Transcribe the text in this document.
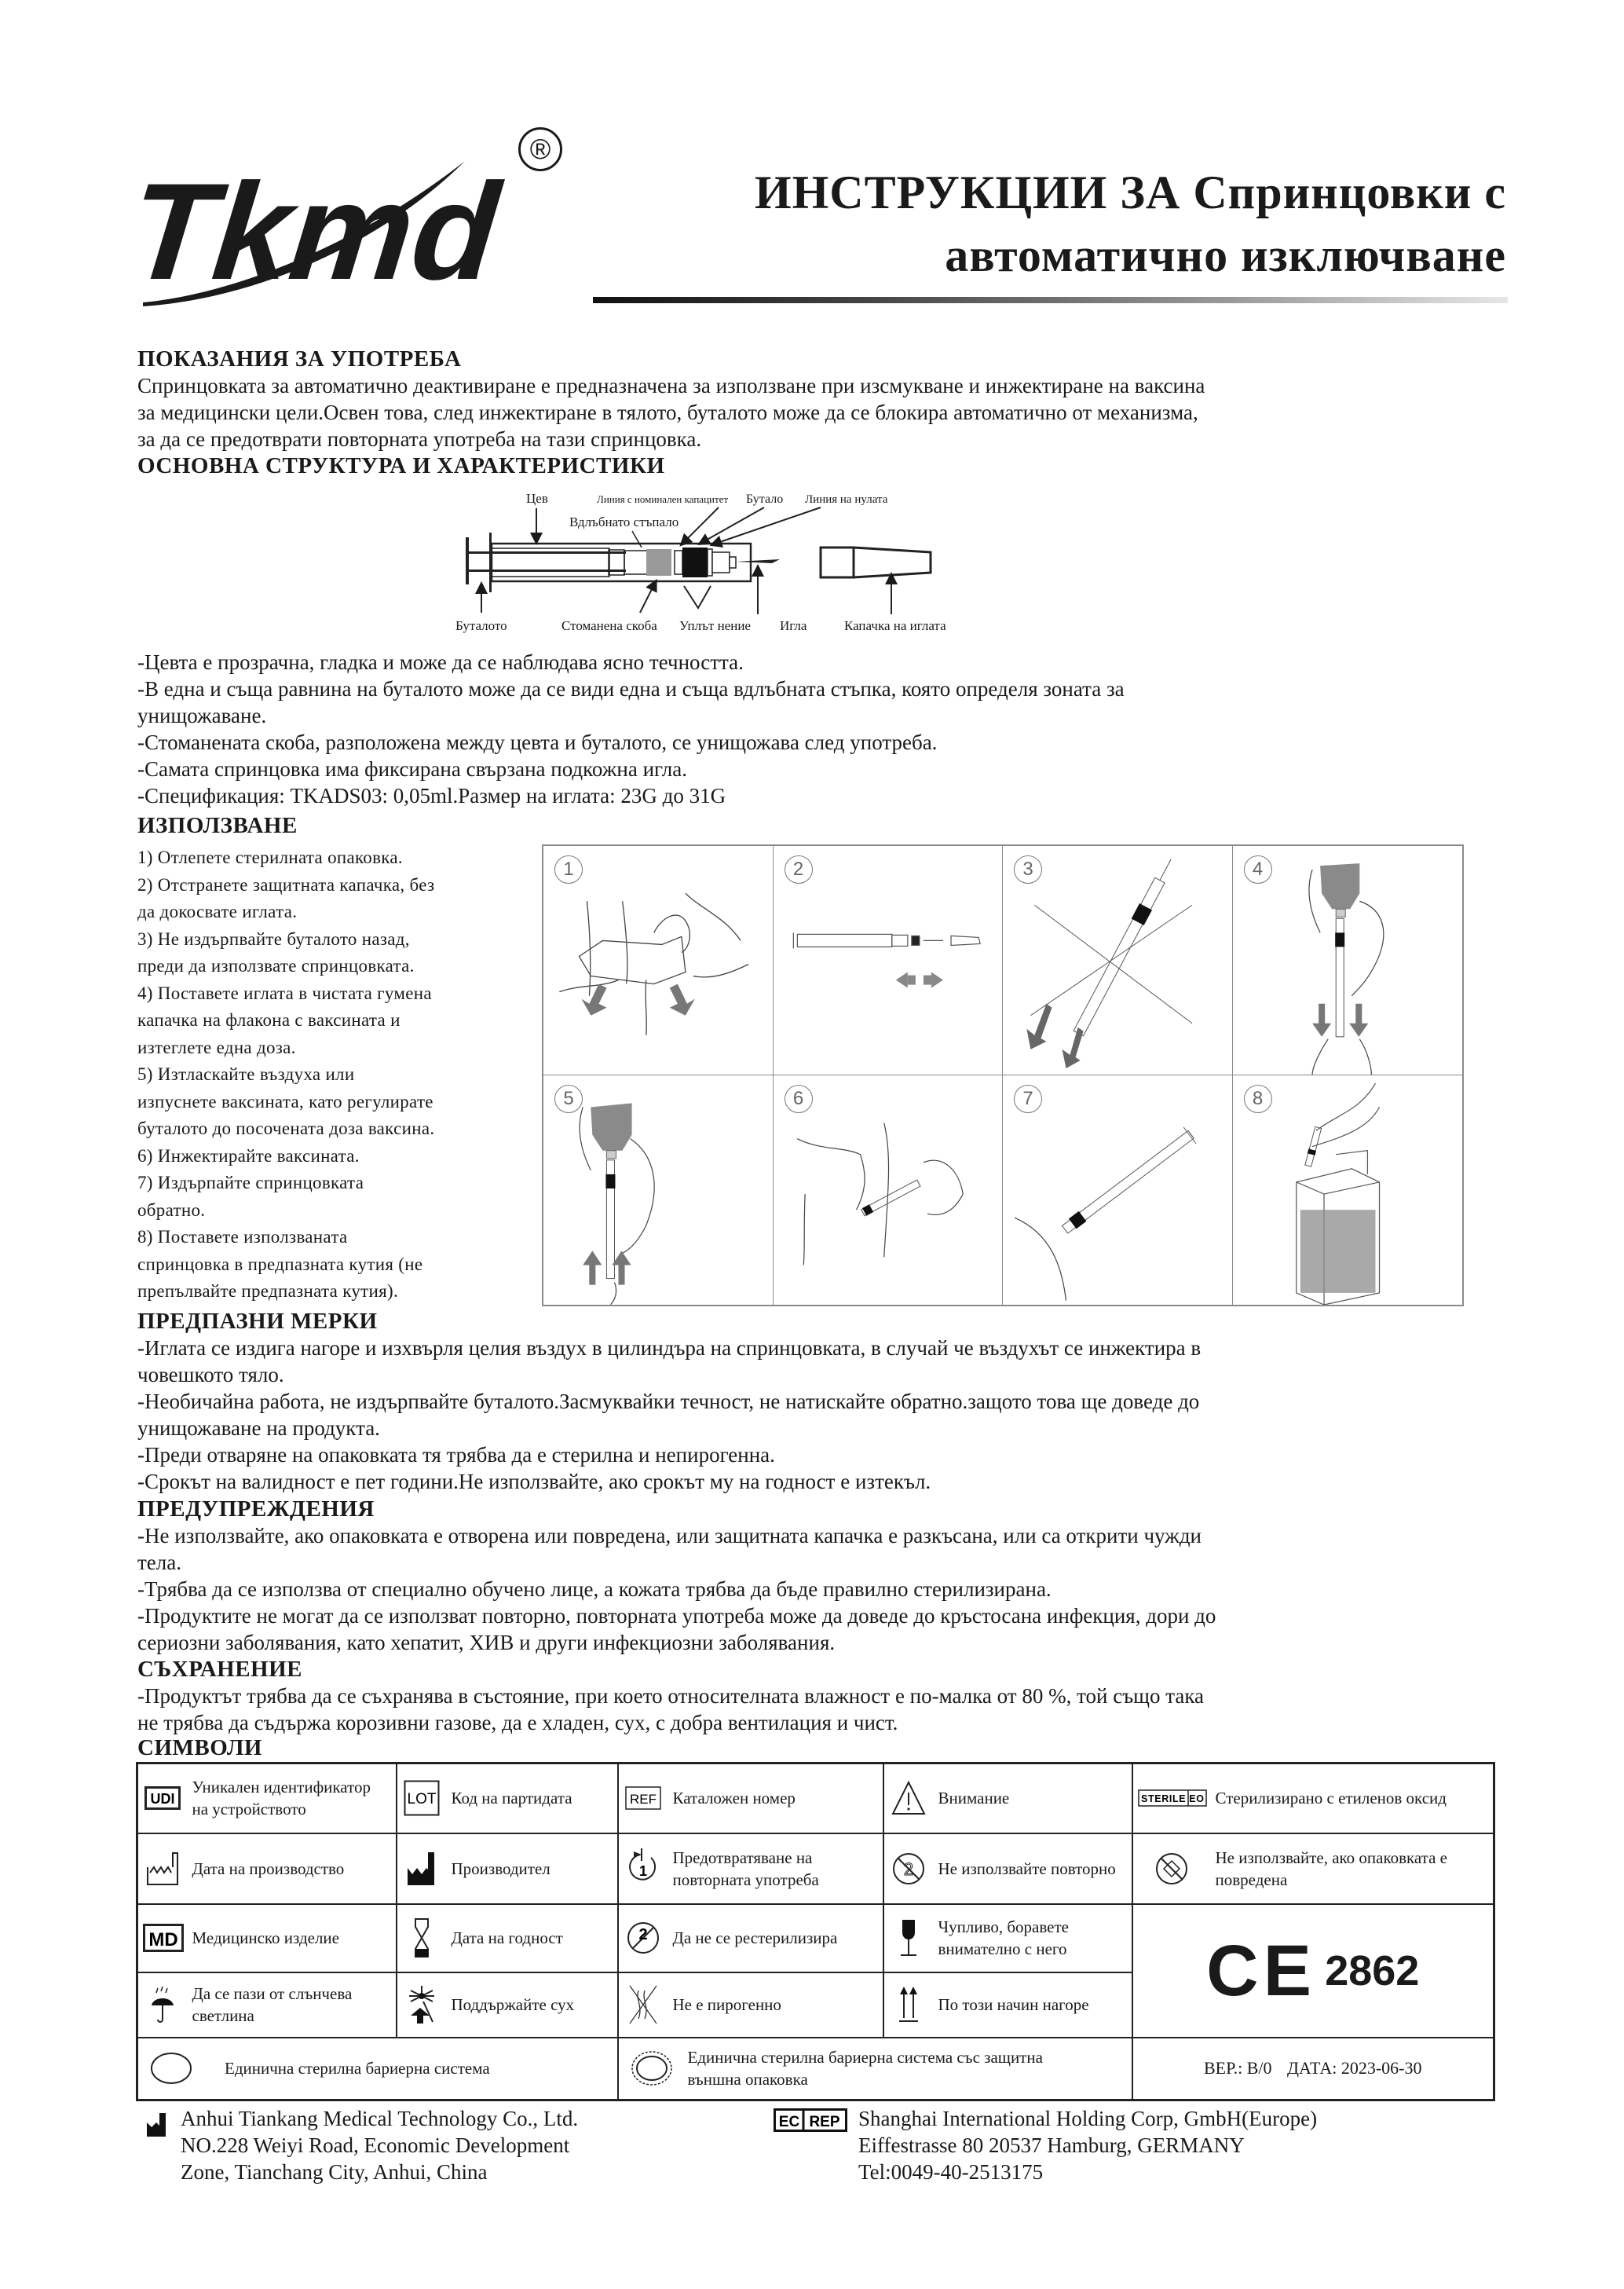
Tkmd
®
ИНСТРУКЦИИ ЗА Спринцовки с
автоматично изключване
ПОКАЗАНИЯ ЗА УПОТРЕБА
Спринцовката за автоматично деактивиране е предназначена за използване при изсмукване и инжектиране на ваксина
за медицински цели.Освен това, след инжектиране в тялото, буталото може да се блокира автоматично от механизма,
за да се предотврати повторната употреба на тази спринцовка.
ОСНОВНА СТРУКТУРА И ХАРАКТЕРИСТИКИ
Цев	Линия с номинален капацитет Бутало Линия на нулата
Вдлъбнато стъпало
Буталото	Стоманена скоба Уплът нение Игла	Капачка на иглата
-Цевта е прозрачна, гладка и може да се наблюдава ясно течността.
-В една и съща равнина на буталото може да се види една и съща вдлъбната стъпка, която определя зоната за
унищожаване.
-Стоманената скоба, разположена между цевта и буталото, се унищожава след употреба.
-Самата спринцовка има фиксирана свързана подкожна игла.
-Спецификация: TKADS03: 0,05ml.Размер на иглата: 23G до 31G
ИЗПОЛЗВАНЕ
1) Отлепете стерилната опаковка.
2) Отстранете защитната капачка, без
да докосвате иглата.
3) Не издърпвайте буталото назад,
преди да използвате спринцовката.
4) Поставете иглата в чистата гумена
капачка на флакона с ваксината и
изтеглете една доза.
5) Изтласкайте въздуха или
изпуснете ваксината, като регулирате
буталото до посочената доза ваксина.
6) Инжектирайте ваксината.
7) Издърпайте спринцовката
обратно.
8) Поставете използваната
спринцовка в предпазната кутия (не
препълвайте предпазната кутия).
1	2	3	4
5	6	7	8
ПРЕДПАЗНИ МЕРКИ
-Иглата се издига нагоре и изхвърля целия въздух в цилиндъра на спринцовката, в случай че въздухът се инжектира в
човешкото тяло.
-Необичайна работа, не издърпвайте буталото.Засмуквайки течност, не натискайте обратно.защото това ще доведе до
унищожаване на продукта.
-Преди отваряне на опаковката тя трябва да е стерилна и непирогенна.
-Срокът на валидност е пет години.Не използвайте, ако срокът му на годност е изтекъл.
ПРЕДУПРЕЖДЕНИЯ
-Не използвайте, ако опаковката е отворена или повредена, или защитната капачка е разкъсана, или са открити чужди
тела.
-Трябва да се използва от специално обучено лице, а кожата трябва да бъде правилно стерилизирана.
-Продуктите не могат да се използват повторно, повторната употреба може да доведе до кръстосана инфекция, дори до
сериозни заболявания, като хепатит, ХИВ и други инфекциозни заболявания.
СЪХРАНЕНИЕ
-Продуктът трябва да се съхранява в състояние, при което относителната влажност е по-малка от 80 %, той също така
не трябва да съдържа корозивни газове, да е хладен, сух, с добра вентилация и чист.
СИМВОЛИ
UDI	Уникален идентификатор на устройството	LOT	Код на партидата	REF	Каталожен номер		Внимание	STERILE EO	Стерилизирано с етиленов оксид

	Дата на производство		Производител	1	Предотвратяване на повторната употреба	2	Не използвайте повторно		Не използвайте, ако опаковката е повредена

MD	Медицинско изделие		Дата на годност	2	Да не се рестерилизира		Чупливо, боравете внимателно с него	CE 2862	

	Да се пази от слънчева светлина		Поддържайте сух		Не е пирогенно		По този начин нагоре		

Единична стерилна бариерна система				Единична стерилна бариерна система със защитна
външна опаковка				ВЕР.: B/0 ДАТА: 2023-06-30	
Anhui Tiankang Medical Technology Co., Ltd.
NO.228 Weiyi Road, Economic Development
Zone, Tianchang City, Anhui, China
EC REP Shanghai International Holding Corp, GmbH(Europe)
Eiffestrasse 80 20537 Hamburg, GERMANY
Tel:0049-40-2513175
